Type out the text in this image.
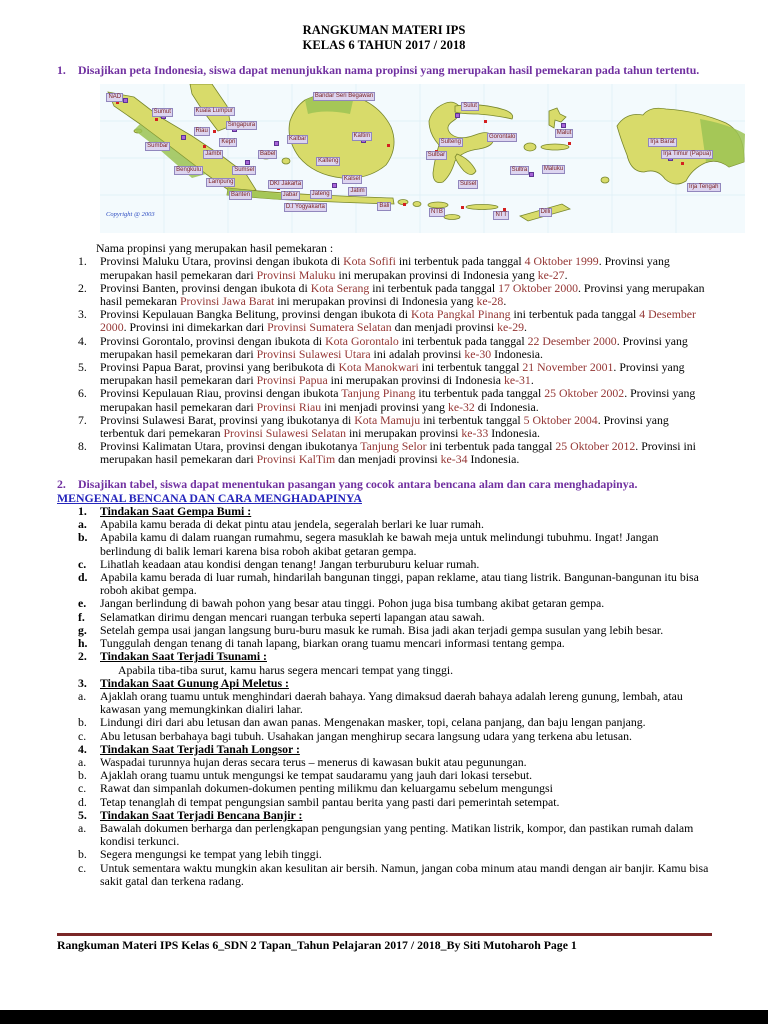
RANGKUMAN MATERI IPS
KELAS 6 TAHUN 2017 / 2018
1.	Disajikan peta Indonesia, siswa dapat menunjukkan nama propinsi yang merupakan hasil pemekaran pada tahun tertentu.
Copyright @ 2003
NAD
Sumut	Kuala Lumpur
Bandar Seri Begawan
Singapura
Riau
Kepri
Sumbar
Jambi	Babel
Bengkulu	Sumsel
Lampung
Banten
DKI Jakarta
Jabar	Jateng
D.I Yogyakarta
Jatim
Bali
NTB	NTT	Dilli
Kalbar
Kalteng
Kalsel
Kaltim
Sulut
Gorontalo
Sulteng
Sulbar
Sulsel
Sultra
Malut
Maluku
Irja Barat
Irja Timur (Papua)
Irja Tengah
Nama propinsi yang merupakan hasil pemekaran :
1.	Provinsi Maluku Utara, provinsi dengan ibukota di Kota Sofifi ini terbentuk pada tanggal 4 Oktober 1999. Provinsi yang merupakan hasil pemekaran dari Provinsi Maluku ini merupakan provinsi di Indonesia yang ke-27.
2.	Provinsi Banten, provinsi dengan ibukota di Kota Serang ini terbentuk pada tanggal 17 Oktober 2000. Provinsi yang merupakan hasil pemekaran Provinsi Jawa Barat ini merupakan provinsi di Indonesia yang ke-28.
3.	Provinsi Kepulauan Bangka Belitung, provinsi dengan ibukota di Kota Pangkal Pinang ini terbentuk pada tanggal 4 Desember 2000. Provinsi ini dimekarkan dari Provinsi Sumatera Selatan dan menjadi provinsi ke-29.
4.	Provinsi Gorontalo, provinsi dengan ibukota di Kota Gorontalo ini terbentuk pada tanggal 22 Desember 2000. Provinsi yang merupakan hasil pemekaran dari Provinsi Sulawesi Utara ini adalah provinsi ke-30 Indonesia.
5.	Provinsi Papua Barat, provinsi yang beribukota di Kota Manokwari ini terbentuk tanggal 21 November 2001. Provinsi yang merupakan hasil pemekaran dari Provinsi Papua ini merupakan provinsi di Indonesia ke-31.
6.	Provinsi Kepulauan Riau, provinsi dengan ibukota Tanjung Pinang itu terbentuk pada tanggal 25 Oktober 2002. Provinsi yang merupakan hasil pemekaran dari Provinsi Riau ini menjadi provinsi yang ke-32 di Indonesia.
7.	Provinsi Sulawesi Barat, provinsi yang ibukotanya di Kota Mamuju ini terbentuk tanggal 5 Oktober 2004. Provinsi yang terbentuk dari pemekaran Provinsi Sulawesi Selatan ini merupakan provinsi ke-33 Indonesia.
8.	Provinsi Kalimatan Utara, provinsi dengan ibukotanya Tanjung Selor ini terbentuk pada tanggal 25 Oktober 2012. Provinsi ini merupakan hasil pemekaran dari Provinsi KalTim dan menjadi provinsi ke-34 Indonesia.
2.	Disajikan tabel, siswa dapat menentukan pasangan yang cocok antara bencana alam dan cara menghadapinya.
MENGENAL BENCANA DAN CARA MENGHADAPINYA
1.	Tindakan Saat Gempa Bumi :
a.	Apabila kamu berada di dekat pintu atau jendela, segeralah berlari ke luar rumah.
b.	Apabila kamu di dalam ruangan rumahmu, segera masuklah ke bawah meja untuk melindungi tubuhmu. Ingat! Jangan berlindung di balik lemari karena bisa roboh akibat getaran gempa.
c.	Lihatlah keadaan atau kondisi dengan tenang! Jangan terburuburu keluar rumah.
d.	Apabila kamu berada di luar rumah, hindarilah bangunan tinggi, papan reklame, atau tiang listrik. Bangunan-bangunan itu bisa roboh akibat gempa.
e.	Jangan berlindung di bawah pohon yang besar atau tinggi. Pohon juga bisa tumbang akibat getaran gempa.
f.	Selamatkan dirimu dengan mencari ruangan terbuka seperti lapangan atau sawah.
g.	Setelah gempa usai jangan langsung buru-buru masuk ke rumah. Bisa jadi akan terjadi gempa susulan yang lebih besar.
h.	Tunggulah dengan tenang di tanah lapang, biarkan orang tuamu mencari informasi tentang gempa.
2.	Tindakan Saat Terjadi Tsunami :
Apabila tiba-tiba surut, kamu harus segera mencari tempat yang tinggi.
3.	Tindakan Saat Gunung Api Meletus :
a.	Ajaklah orang tuamu untuk menghindari daerah bahaya. Yang dimaksud daerah bahaya adalah lereng gunung, lembah, atau kawasan yang memungkinkan dialiri lahar.
b.	Lindungi diri dari abu letusan dan awan panas. Mengenakan masker, topi, celana panjang, dan baju lengan panjang.
c.	Abu letusan berbahaya bagi tubuh. Usahakan jangan menghirup secara langsung udara yang terkena abu letusan.
4.	Tindakan Saat Terjadi Tanah Longsor :
a.	Waspadai turunnya hujan deras secara terus – menerus di kawasan bukit atau pegunungan.
b.	Ajaklah orang tuamu untuk mengungsi ke tempat saudaramu yang jauh dari lokasi tersebut.
c.	Rawat dan simpanlah dokumen-dokumen penting milikmu dan keluargamu sebelum mengungsi
d.	Tetap tenanglah di tempat pengungsian sambil pantau berita yang pasti dari pemerintah setempat.
5.	Tindakan Saat Terjadi Bencana Banjir :
a.	Bawalah dokumen berharga dan perlengkapan pengungsian yang penting. Matikan listrik, kompor, dan pastikan rumah dalam kondisi terkunci.
b.	Segera mengungsi ke tempat yang lebih tinggi.
c.	Untuk sementara waktu mungkin akan kesulitan air bersih. Namun, jangan coba minum atau mandi dengan air banjir. Kamu bisa sakit gatal dan terkena radang.
Rangkuman Materi IPS Kelas 6_SDN 2 Tapan_Tahun Pelajaran 2017 / 2018_By Siti Mutoharoh Page 1
